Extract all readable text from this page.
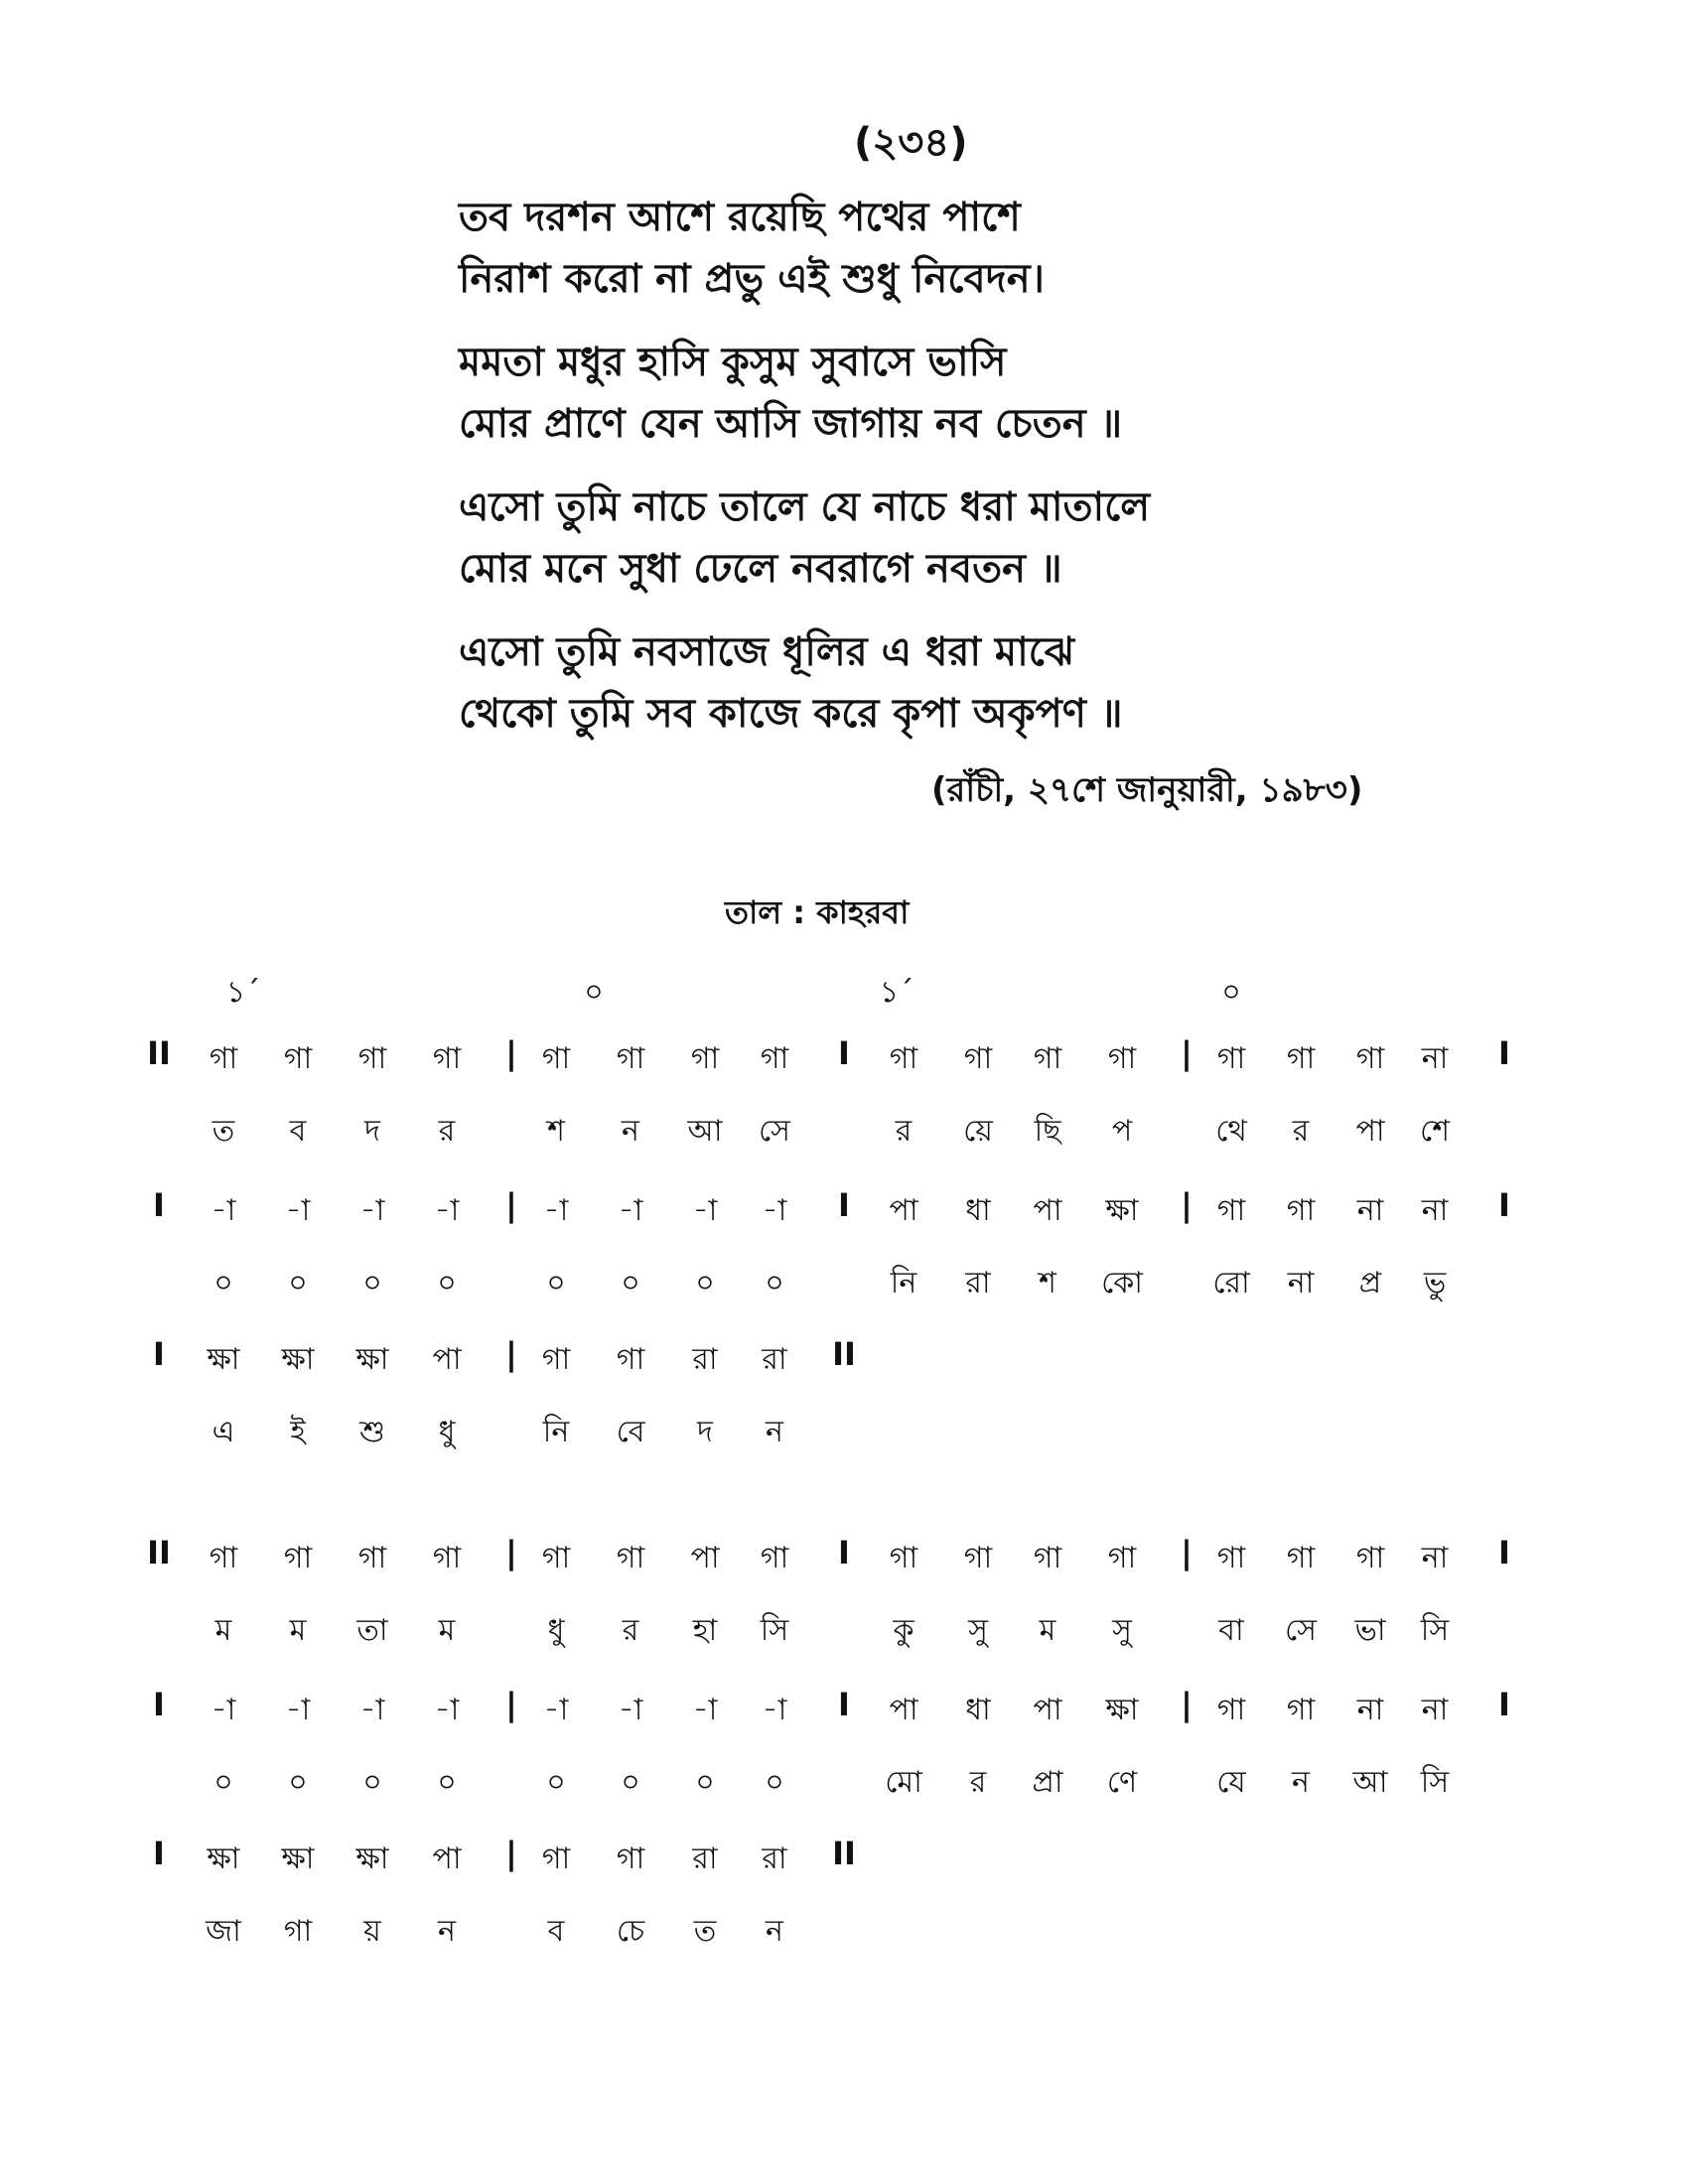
(২৩৪)
তব দরশন আশে রয়েছি পথের পাশে
নিরাশ করো না প্রভু এই শুধু নিবেদন।
মমতা মধুর হাসি কুসুম সুবাসে ভাসি
মোর প্রাণে যেন আসি জাগায় নব চেতন ॥
এসো তুমি নাচে তালে যে নাচে ধরা মাতালে
মোর মনে সুধা ঢেলে নবরাগে নবতন ॥
এসো তুমি নবসাজে ধূলির এ ধরা মাঝে
থেকো তুমি সব কাজে করে কৃপা অকৃপণ ॥
(রাঁচী, ২৭শে জানুয়ারী, ১৯৮৩)
তাল : কাহরবা
১´	০	১´	০
II গা গা গা গা | গা গা গা গা I গা গা গা গা | গা গা গা না I
ত ব দ র	শ ন আ সে	র য়ে ছি প	থে র পা শে
I -া -া -া -া | -া -া -া -া I পা ধা পা ক্ষা | গা গা না না I
০ ০ ০ ০	০ ০ ০ ০	নি রা শ কো রো না প্র ভু
I ক্ষা ক্ষা ক্ষা পা | গা গা রা রা II
এ ই শু ধু	নি বে দ ন
II গা গা গা গা | গা গা পা গা I গা গা গা গা | গা গা গা না I
ম ম তা ম	ধু র হা সি	কু সু ম সু	বা সে ভা সি
I -া -া -া -া | -া -া -া -া I পা ধা পা ক্ষা | গা গা না না I
০ ০ ০ ০	০ ০ ০ ০	মো র প্রা ণে	যে ন আ সি
I ক্ষা ক্ষা ক্ষা পা | গা গা রা রা II
জা গা য় ন	ব চে ত ন
